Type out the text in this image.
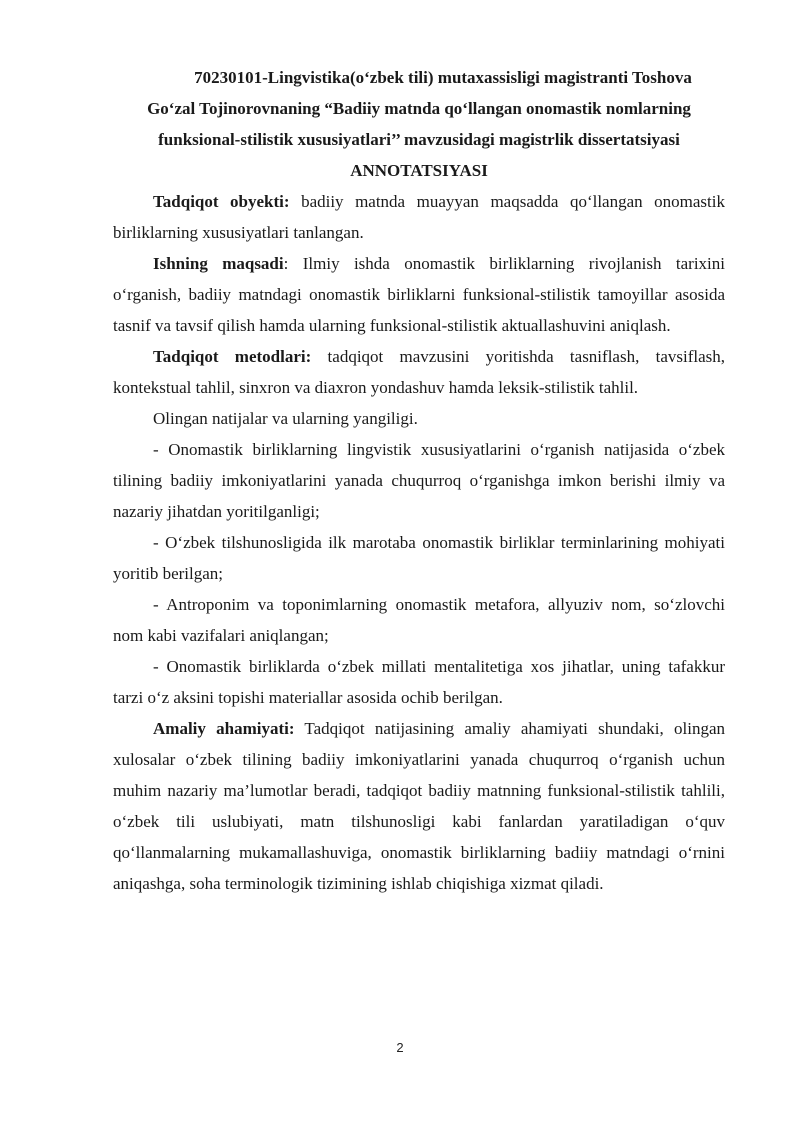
70230101-Lingvistika(o‘zbek tili) mutaxassisligi magistranti Toshova
Go‘zal Tojinorovnaning “Badiiy matnda qo‘llangan onomastik nomlarning
funksional-stilistik xususiyatlari’’ mavzusidagi magistrlik dissertatsiyasi
ANNOTATSIYASI

Tadqiqot obyekti: badiiy matnda muayyan maqsadda qo‘llangan onomastik birliklarning xususiyatlari tanlangan.

Ishning maqsadi: Ilmiy ishda onomastik birliklarning rivojlanish tarixini o‘rganish, badiiy matndagi onomastik birliklarni funksional-stilistik tamoyillar asosida tasnif va tavsif qilish hamda ularning funksional-stilistik aktuallashuvini aniqlash.

Tadqiqot metodlari: tadqiqot mavzusini yoritishda tasniflash, tavsiflash, kontekstual tahlil, sinxron va diaxron yondashuv hamda leksik-stilistik tahlil.

Olingan natijalar va ularning yangiligi.

- Onomastik birliklarning lingvistik xususiyatlarini o‘rganish natijasida o‘zbek tilining badiiy imkoniyatlarini yanada chuqurroq o‘rganishga imkon berishi ilmiy va nazariy jihatdan yoritilganligi;

- O‘zbek tilshunosligida ilk marotaba onomastik birliklar terminlarining mohiyati yoritib berilgan;

- Antroponim va toponimlarning onomastik metafora, allyuziv nom, so‘zlovchi nom kabi vazifalari aniqlangan;

- Onomastik birliklarda o‘zbek millati mentalitetiga xos jihatlar, uning tafakkur tarzi o‘z aksini topishi materiallar asosida ochib berilgan.

Amaliy ahamiyati: Tadqiqot natijasining amaliy ahamiyati shundaki, olingan xulosalar o‘zbek tilining badiiy imkoniyatlarini yanada chuqurroq o‘rganish uchun muhim nazariy ma’lumotlar beradi, tadqiqot badiiy matnning funksional-stilistik tahlili, o‘zbek tili uslubiyati, matn tilshunosligi kabi fanlardan yaratiladigan o‘quv qo‘llanmalarning mukamallashuviga, onomastik birliklarning badiiy matndagi o‘rnini aniqashga, soha terminologik tizimining ishlab chiqishiga xizmat qiladi.

2
